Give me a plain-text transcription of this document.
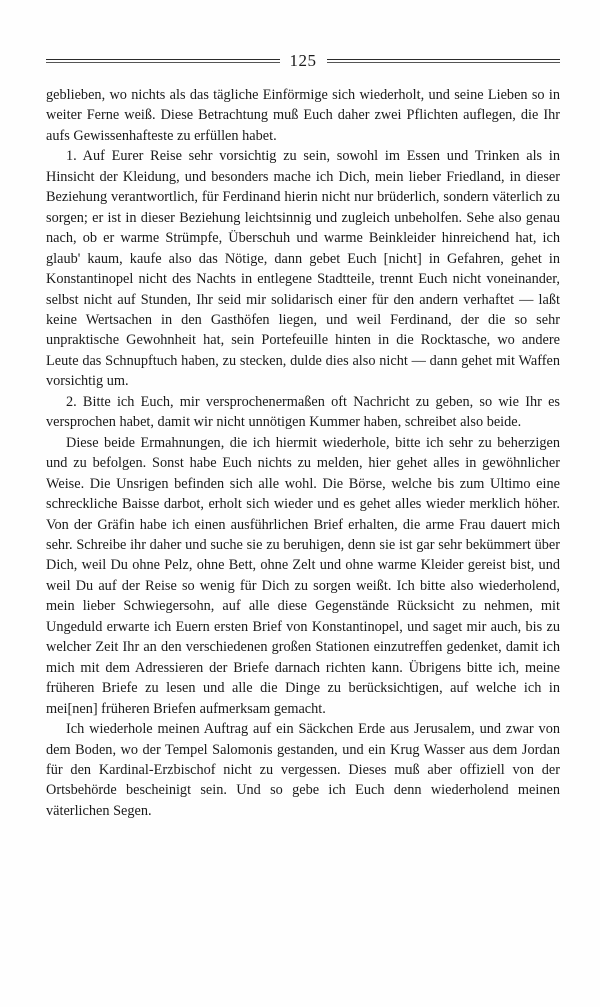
125

geblieben, wo nichts als das tägliche Einförmige sich wiederholt, und seine Lieben so in weiter Ferne weiß. Diese Betrachtung muß Euch daher zwei Pflichten auflegen, die Ihr aufs Gewissenhafteste zu erfüllen habet.

1. Auf Eurer Reise sehr vorsichtig zu sein, sowohl im Essen und Trinken als in Hinsicht der Kleidung, und besonders mache ich Dich, mein lieber Friedland, in dieser Beziehung verantwortlich, für Ferdinand hierin nicht nur brüderlich, sondern väterlich zu sorgen; er ist in dieser Beziehung leichtsinnig und zugleich unbeholfen. Sehe also genau nach, ob er warme Strümpfe, Überschuh und warme Beinkleider hinreichend hat, ich glaub' kaum, kaufe also das Nötige, dann gebet Euch [nicht] in Gefahren, gehet in Konstantinopel nicht des Nachts in entlegene Stadtteile, trennt Euch nicht voneinander, selbst nicht auf Stunden, Ihr seid mir solidarisch einer für den andern verhaftet — laßt keine Wertsachen in den Gasthöfen liegen, und weil Ferdinand, der die so sehr unpraktische Gewohnheit hat, sein Portefeuille hinten in die Rocktasche, wo andere Leute das Schnupftuch haben, zu stecken, dulde dies also nicht — dann gehet mit Waffen vorsichtig um.

2. Bitte ich Euch, mir versprochenermaßen oft Nachricht zu geben, so wie Ihr es versprochen habet, damit wir nicht unnötigen Kummer haben, schreibet also beide.

Diese beide Ermahnungen, die ich hiermit wiederhole, bitte ich sehr zu beherzigen und zu befolgen. Sonst habe Euch nichts zu melden, hier gehet alles in gewöhnlicher Weise. Die Unsrigen befinden sich alle wohl. Die Börse, welche bis zum Ultimo eine schreckliche Baisse darbot, erholt sich wieder und es gehet alles wieder merklich höher. Von der Gräfin habe ich einen ausführlichen Brief erhalten, die arme Frau dauert mich sehr. Schreibe ihr daher und suche sie zu beruhigen, denn sie ist gar sehr bekümmert über Dich, weil Du ohne Pelz, ohne Bett, ohne Zelt und ohne warme Kleider gereist bist, und weil Du auf der Reise so wenig für Dich zu sorgen weißt. Ich bitte also wiederholend, mein lieber Schwiegersohn, auf alle diese Gegenstände Rücksicht zu nehmen, mit Ungeduld erwarte ich Euern ersten Brief von Konstantinopel, und saget mir auch, bis zu welcher Zeit Ihr an den verschiedenen großen Stationen einzutreffen gedenket, damit ich mich mit dem Adressieren der Briefe darnach richten kann. Übrigens bitte ich, meine früheren Briefe zu lesen und alle die Dinge zu berücksichtigen, auf welche ich in mei[nen] früheren Briefen aufmerksam gemacht.

Ich wiederhole meinen Auftrag auf ein Säckchen Erde aus Jerusalem, und zwar von dem Boden, wo der Tempel Salomonis gestanden, und ein Krug Wasser aus dem Jordan für den Kardinal-Erzbischof nicht zu vergessen. Dieses muß aber offiziell von der Ortsbehörde bescheinigt sein. Und so gebe ich Euch denn wiederholend meinen väterlichen Segen.
